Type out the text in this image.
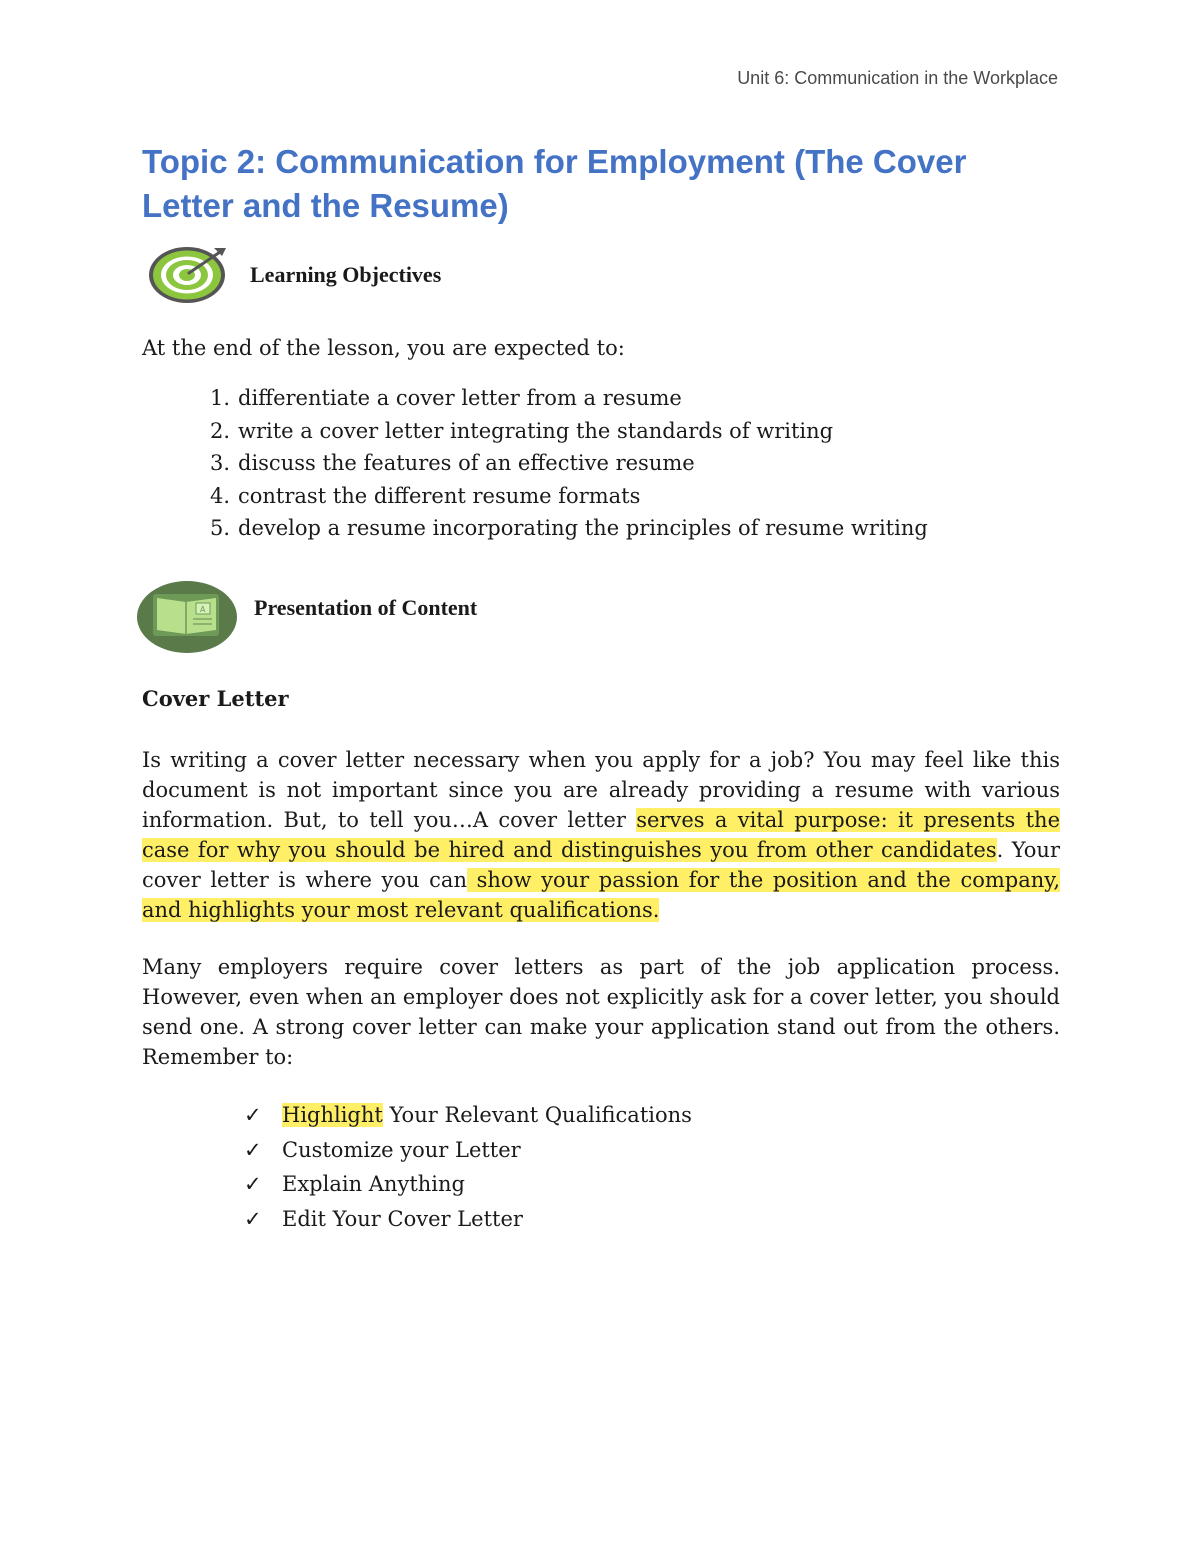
Unit 6: Communication in the Workplace
Topic 2: Communication for Employment (The Cover Letter and the Resume)
Learning Objectives
At the end of the lesson, you are expected to:
1. differentiate a cover letter from a resume
2. write a cover letter integrating the standards of writing
3. discuss the features of an effective resume
4. contrast the different resume formats
5. develop a resume incorporating the principles of resume writing
A Presentation of Content
Cover Letter

Is writing a cover letter necessary when you apply for a job? You may feel like this document is not important since you are already providing a resume with various information. But, to tell you…A cover letter serves a vital purpose: it presents the case for why you should be hired and distinguishes you from other candidates. Your cover letter is where you can show your passion for the position and the company, and highlights your most relevant qualifications.

Many employers require cover letters as part of the job application process. However, even when an employer does not explicitly ask for a cover letter, you should send one. A strong cover letter can make your application stand out from the others. Remember to:

✓ Highlight Your Relevant Qualifications
✓ Customize your Letter
✓ Explain Anything
✓ Edit Your Cover Letter
